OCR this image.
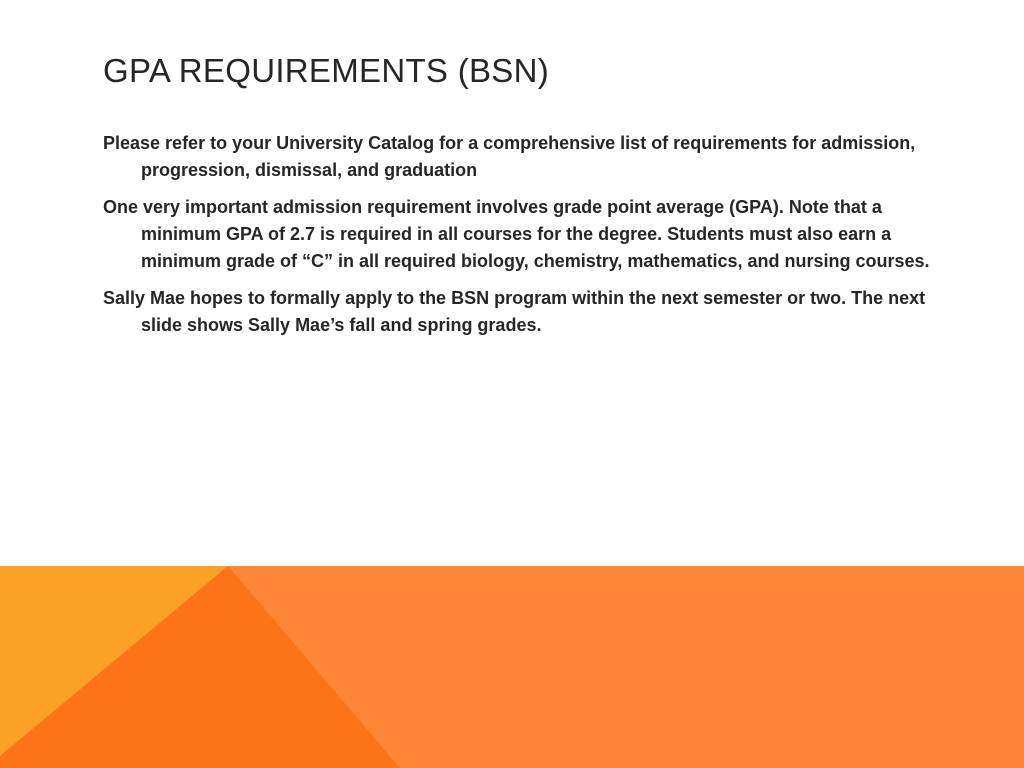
GPA REQUIREMENTS (BSN)
Please refer to your University Catalog for a comprehensive list of requirements for admission, progression, dismissal, and graduation
One very important admission requirement involves grade point average (GPA). Note that a minimum GPA of 2.7 is required in all courses for the degree. Students must also earn a minimum grade of “C” in all required biology, chemistry, mathematics, and nursing courses.
Sally Mae hopes to formally apply to the BSN program within the next semester or two. The next slide shows Sally Mae’s fall and spring grades.
